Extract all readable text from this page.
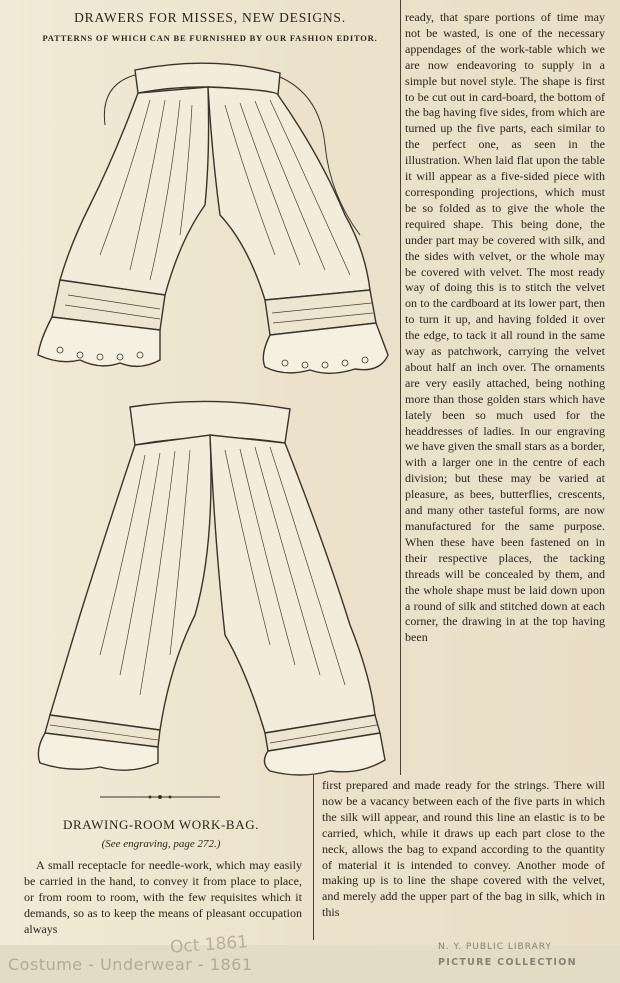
DRAWERS FOR MISSES, NEW DESIGNS.
PATTERNS OF WHICH CAN BE FURNISHED BY OUR FASHION EDITOR.

ready, that spare portions of time may not be wasted, is one of the necessary appendages of the work-table which we are now endeavoring to supply in a simple but novel style. The shape is first to be cut out in card-board, the bottom of the bag having five sides, from which are turned up the five parts, each similar to the perfect one, as seen in the illustration. When laid flat upon the table it will appear as a five-sided piece with corresponding projections, which must be so folded as to give the whole the required shape. This being done, the under part may be covered with silk, and the sides with velvet, or the whole may be covered with velvet. The most ready way of doing this is to stitch the velvet on to the cardboard at its lower part, then to turn it up, and having folded it over the edge, to tack it all round in the same way as patchwork, carrying the velvet about half an inch over. The ornaments are very easily attached, being nothing more than those golden stars which have lately been so much used for the headdresses of ladies. In our engraving we have given the small stars as a border, with a larger one in the centre of each division; but these may be varied at pleasure, as bees, butterflies, crescents, and many other tasteful forms, are now manufactured for the same purpose. When these have been fastened on in their respective places, the tacking threads will be concealed by them, and the whole shape must be laid down upon a round of silk and stitched down at each corner, the drawing in at the top having been

DRAWING-ROOM WORK-BAG.
(See engraving, page 272.)

A small receptacle for needle-work, which may easily be carried in the hand, to convey it from place to place, or from room to room, with the few requisites which it demands, so as to keep the means of pleasant occupation always

first prepared and made ready for the strings. There will now be a vacancy between each of the five parts in which the silk will appear, and round this line an elastic is to be carried, which, while it draws up each part close to the neck, allows the bag to expand according to the quantity of material it is intended to convey. Another mode of making up is to line the shape covered with the velvet, and merely add the upper part of the bag in silk, which in this

Costume - Underwear - 1861
Oct 1861	N. Y. PUBLIC LIBRARY
PICTURE COLLECTION
